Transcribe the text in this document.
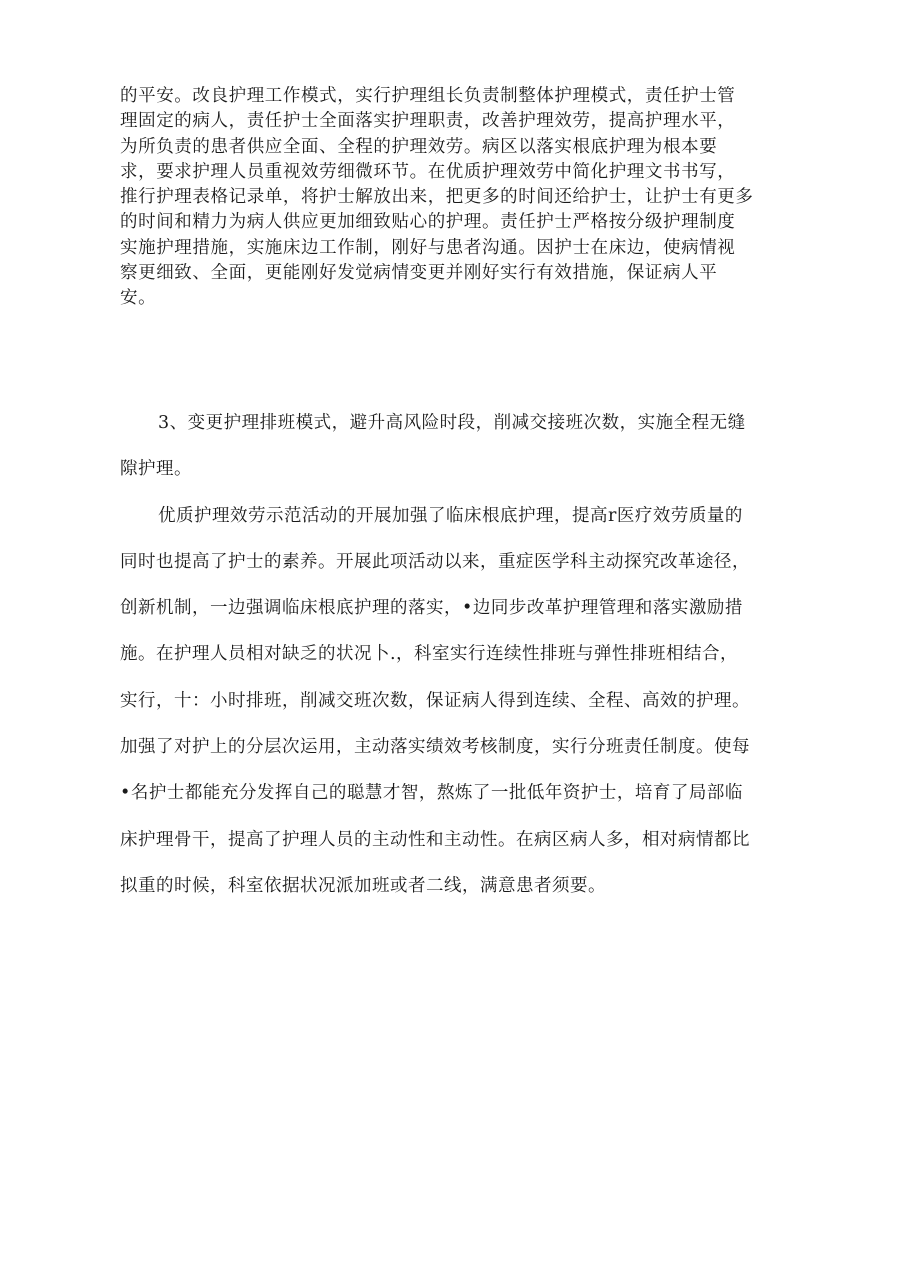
的平安。改良护理工作模式，实行护理组长负责制整体护理模式，责任护士管
理固定的病人，责任护士全面落实护理职责，改善护理效劳，提高护理水平，
为所负责的患者供应全面、全程的护理效劳。病区以落实根底护理为根本要
求，要求护理人员重视效劳细微环节。在优质护理效劳中简化护理文书书写，
推行护理表格记录单，将护士解放出来，把更多的时间还给护士，让护士有更多
的时间和精力为病人供应更加细致贴心的护理。责任护士严格按分级护理制度
实施护理措施，实施床边工作制，刚好与患者沟通。因护士在床边，使病情视
察更细致、全面，更能刚好发觉病情变更并刚好实行有效措施，保证病人平
安。
3、变更护理排班模式，避升高风险时段，削减交接班次数，实施全程无缝
隙护理。
优质护理效劳示范活动的开展加强了临床根底护理，提高r医疗效劳质量的
同时也提高了护士的素养。开展此项活动以来，重症医学科主动探究改革途径，
创新机制，一边强调临床根底护理的落实，•边同步改革护理管理和落实激励措
施。在护理人员相对缺乏的状况卜.，科室实行连续性排班与弹性排班相结合，
实行，十：小时排班，削减交班次数，保证病人得到连续、全程、高效的护理。
加强了对护上的分层次运用，主动落实绩效考核制度，实行分班责任制度。使每
•名护士都能充分发挥自己的聪慧才智，熬炼了一批低年资护士，培育了局部临
床护理骨干，提高了护理人员的主动性和主动性。在病区病人多，相对病情都比
拟重的时候，科室依据状况派加班或者二线，满意患者须要。
